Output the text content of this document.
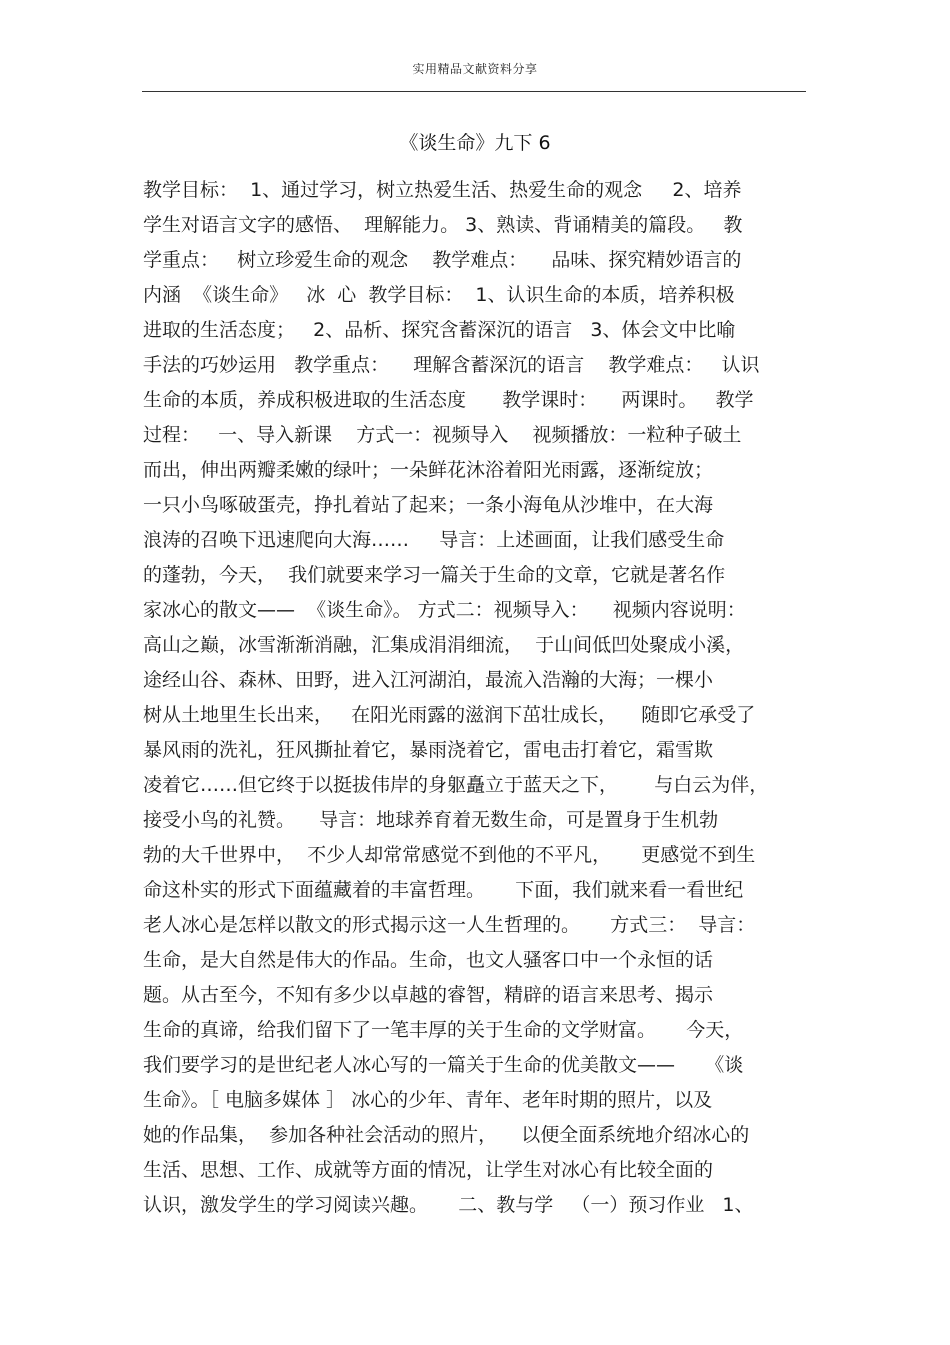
实用精品文献资料分享
《谈生命》九下 6
教学目标：  1、通过学习，树立热爱生活、热爱生命的观念     2、培养
学生对语言文字的感悟、  理解能力。 3、熟读、背诵精美的篇段。   教
学重点：   树立珍爱生命的观念    教学难点：    品味、探究精妙语言的
内涵  《谈生命》   冰  心  教学目标：  1、认识生命的本质，培养积极
进取的生活态度；   2、品析、探究含蓄深沉的语言   3、体会文中比喻
手法的巧妙运用   教学重点：    理解含蓄深沉的语言    教学难点：   认识
生命的本质，养成积极进取的生活态度      教学课时：    两课时。   教学
过程：   一、导入新课    方式一：视频导入    视频播放：一粒种子破土
而出，伸出两瓣柔嫩的绿叶；一朵鲜花沐浴着阳光雨露，逐渐绽放；
一只小鸟啄破蛋壳，挣扎着站了起来；一条小海龟从沙堆中，在大海
浪涛的召唤下迅速爬向大海……     导言：上述画面，让我们感受生命
的蓬勃，今天，  我们就要来学习一篇关于生命的文章，它就是著名作
家冰心的散文——  《谈生命》。 方式二：视频导入：    视频内容说明：
高山之巅，冰雪渐渐消融，汇集成涓涓细流，  于山间低凹处聚成小溪，
途经山谷、森林、田野，进入江河湖泊，最流入浩瀚的大海；一棵小
树从土地里生长出来，   在阳光雨露的滋润下茁壮成长，    随即它承受了
暴风雨的洗礼，狂风撕扯着它，暴雨浇着它，雷电击打着它，霜雪欺
凌着它……但它终于以挺拔伟岸的身躯矗立于蓝天之下，      与白云为伴，
接受小鸟的礼赞。    导言：地球养育着无数生命，可是置身于生机勃
勃的大千世界中，  不少人却常常感觉不到他的不平凡，     更感觉不到生
命这朴实的形式下面蕴藏着的丰富哲理。     下面，我们就来看一看世纪
老人冰心是怎样以散文的形式揭示这一人生哲理的。     方式三：  导言：
生命，是大自然是伟大的作品。生命，也文人骚客口中一个永恒的话
题。从古至今，不知有多少以卓越的睿智，精辟的语言来思考、揭示
生命的真谛，给我们留下了一笔丰厚的关于生命的文学财富。     今天，
我们要学习的是世纪老人冰心写的一篇关于生命的优美散文——     《谈
生命》。［ 电脑多媒体 ］ 冰心的少年、青年、老年时期的照片，以及
她的作品集，  参加各种社会活动的照片，    以便全面系统地介绍冰心的
生活、思想、工作、成就等方面的情况，让学生对冰心有比较全面的
认识，激发学生的学习阅读兴趣。     二、教与学   （一）预习作业   1、
